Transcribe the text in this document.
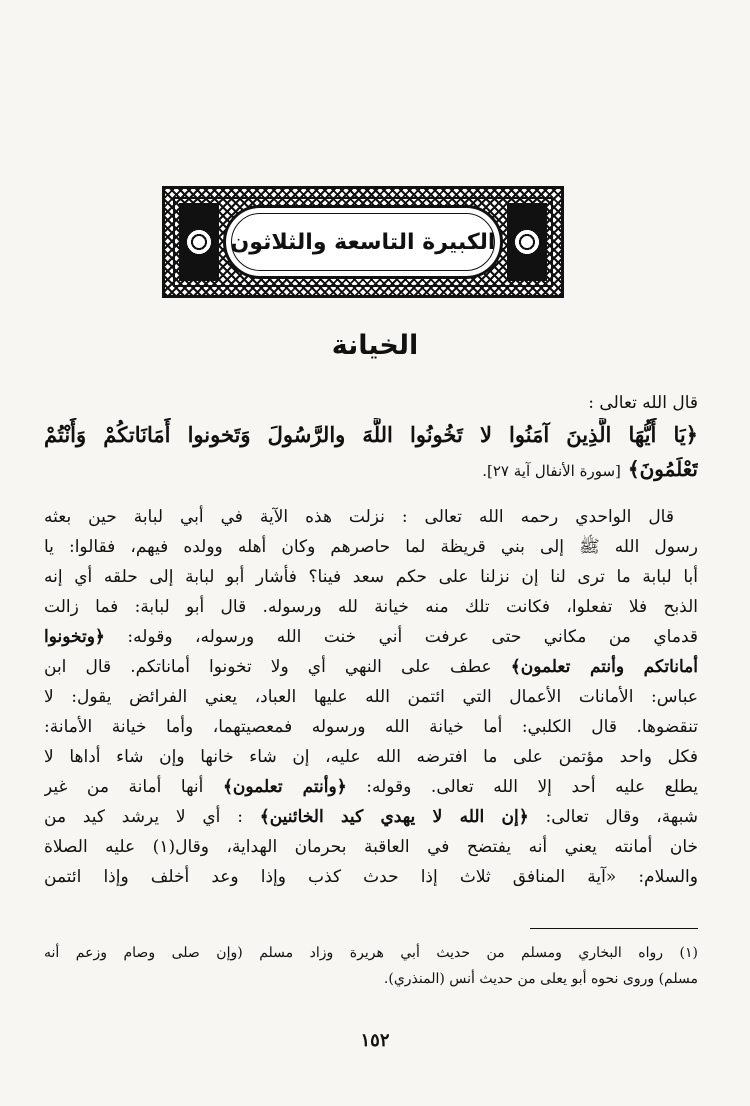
الكبيرة التاسعة والثلاثون
الخيانة
قال الله تعالى :
﴿يَا أَيُّهَا الَّذِينَ آمَنُوا لا تَخُونُوا اللَّهَ والرَّسُولَ وَتَخونوا أَمَانَاتكُمْ وَأَنْتُمْ
تَعْلَمُونَ﴾ [سورة الأنفال آية ٢٧].
قال الواحدي رحمه الله تعالى : نزلت هذه الآية في أبي لبابة حين بعثه
رسول الله ﷺ إلى بني قريظة لما حاصرهم وكان أهله وولده فيهم، فقالوا: يا
أبا لبابة ما ترى لنا إن نزلنا على حكم سعد فينا؟ فأشار أبو لبابة إلى حلقه أي إنه
الذبح فلا تفعلوا، فكانت تلك منه خيانة لله ورسوله. قال أبو لبابة: فما زالت
قدماي من مكاني حتى عرفت أني خنت الله ورسوله، وقوله: ﴿وتخونوا
أماناتكم وأنتم تعلمون﴾ عطف على النهي أي ولا تخونوا أماناتكم. قال ابن
عباس: الأمانات الأعمال التي ائتمن الله عليها العباد، يعني الفرائض يقول: لا
تنقضوها. قال الكلبي: أما خيانة الله ورسوله فمعصيتهما، وأما خيانة الأمانة:
فكل واحد مؤتمن على ما افترضه الله عليه، إن شاء خانها وإن شاء أداها لا
يطلع عليه أحد إلا الله تعالى. وقوله: ﴿وأنتم تعلمون﴾ أنها أمانة من غير
شبهة، وقال تعالى: ﴿إن الله لا يهدي كيد الخائنين﴾ : أي لا يرشد كيد من
خان أمانته يعني أنه يفتضح في العاقبة بحرمان الهداية، وقال(١) عليه الصلاة
والسلام: «آية المنافق ثلاث إذا حدث كذب وإذا وعد أخلف وإذا ائتمن
(١) رواه البخاري ومسلم من حديث أبي هريرة وزاد مسلم (وإن صلى وصام وزعم أنه
مسلم) وروى نحوه أبو يعلى من حديث أنس (المنذري).
١٥٢
